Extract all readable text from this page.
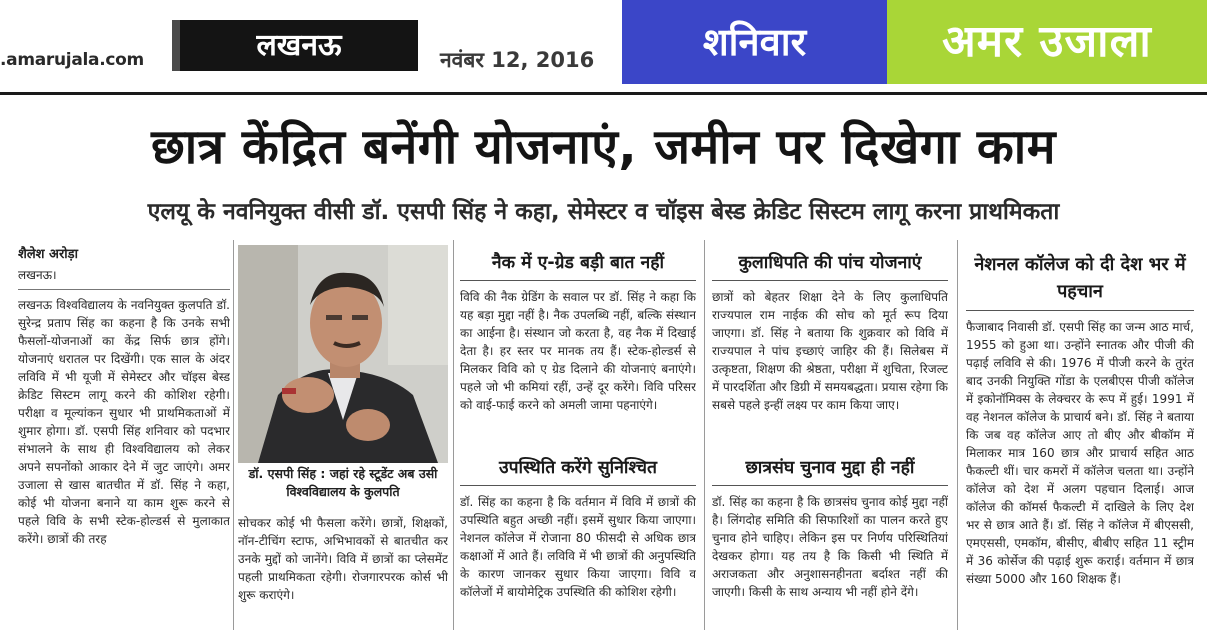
.amarujala.com	लखनऊ	नवंबर 12, 2016	शनिवार	अमर उजाला
छात्र केंद्रित बनेंगी योजनाएं, जमीन पर दिखेगा काम
एलयू के नवनियुक्त वीसी डॉ. एसपी सिंह ने कहा, सेमेस्टर व चॉइस बेस्ड क्रेडिट सिस्टम लागू करना प्राथमिकता
शैलेश अरोड़ा
लखनऊ।
लखनऊ विश्वविद्यालय के नवनियुक्त कुलपति डॉ. सुरेन्द्र प्रताप सिंह का कहना है कि उनके सभी फैसलों-योजनाओं का केंद्र सिर्फ छात्र होंगे। योजनाएं धरातल पर दिखेंगी। एक साल के अंदर लविवि में भी यूजी में सेमेस्टर और चॉइस बेस्ड क्रेडिट सिस्टम लागू करने की कोशिश रहेगी। परीक्षा व मूल्यांकन सुधार भी प्राथमिकताओं में शुमार होगा। डॉ. एसपी सिंह शनिवार को पदभार संभालने के साथ ही विश्वविद्यालय को लेकर अपने सपनोंको आकार देने में जुट जाएंगे। अमर उजाला से खास बातचीत में डॉ. सिंह ने कहा, कोई भी योजना बनाने या काम शुरू करने से पहले विवि के सभी स्टेक-होल्डर्स से मुलाकात करेंगे। छात्रों की तरह
डॉ. एसपी सिंह : जहां रहे स्टूडेंट अब उसी विश्वविद्यालय के कुलपति
सोचकर कोई भी फैसला करेंगे। छात्रों, शिक्षकों, नॉन-टीचिंग स्टाफ, अभिभावकों से बातचीत कर उनके मुद्दों को जानेंगे। विवि में छात्रों का प्लेसमेंट पहली प्राथमिकता रहेगी। रोजगारपरक कोर्स भी शुरू कराएंगे।
नैक में ए-ग्रेड बड़ी बात नहीं
विवि की नैक ग्रेडिंग के सवाल पर डॉ. सिंह ने कहा कि यह बड़ा मुद्दा नहीं है। नैक उपलब्धि नहीं, बल्कि संस्थान का आईना है। संस्थान जो करता है, वह नैक में दिखाई देता है। हर स्तर पर मानक तय हैं। स्टेक-होल्डर्स से मिलकर विवि को ए ग्रेड दिलाने की योजनाएं बनाएंगे। पहले जो भी कमियां रहीं, उन्हें दूर करेंगे। विवि परिसर को वाई-फाई करने को अमली जामा पहनाएंगे।
उपस्थिति करेंगे सुनिश्चित
डॉ. सिंह का कहना है कि वर्तमान में विवि में छात्रों की उपस्थिति बहुत अच्छी नहीं। इसमें सुधार किया जाएगा। नेशनल कॉलेज में रोजाना 80 फीसदी से अधिक छात्र कक्षाओं में आते हैं। लविवि में भी छात्रों की अनुपस्थिति के कारण जानकर सुधार किया जाएगा। विवि व कॉलेजों में बायोमेट्रिक उपस्थिति की कोशिश रहेगी।
कुलाधिपति की पांच योजनाएं
छात्रों को बेहतर शिक्षा देने के लिए कुलाधिपति राज्यपाल राम नाईक की सोच को मूर्त रूप दिया जाएगा। डॉ. सिंह ने बताया कि शुक्रवार को विवि में राज्यपाल ने पांच इच्छाएं जाहिर की हैं। सिलेबस में उत्कृष्टता, शिक्षण की श्रेष्ठता, परीक्षा में शुचिता, रिजल्ट में पारदर्शिता और डिग्री में समयबद्धता। प्रयास रहेगा कि सबसे पहले इन्हीं लक्ष्य पर काम किया जाए।
छात्रसंघ चुनाव मुद्दा ही नहीं
डॉ. सिंह का कहना है कि छात्रसंघ चुनाव कोई मुद्दा नहीं है। लिंगदोह समिति की सिफारिशों का पालन करते हुए चुनाव होने चाहिए। लेकिन इस पर निर्णय परिस्थितियां देखकर होगा। यह तय है कि किसी भी स्थिति में अराजकता और अनुशासनहीनता बर्दाश्त नहीं की जाएगी। किसी के साथ अन्याय भी नहीं होने देंगे।
नेशनल कॉलेज को दी देश भर में पहचान
फैजाबाद निवासी डॉ. एसपी सिंह का जन्म आठ मार्च, 1955 को हुआ था। उन्होंने स्नातक और पीजी की पढ़ाई लविवि से की। 1976 में पीजी करने के तुरंत बाद उनकी नियुक्ति गोंडा के एलबीएस पीजी कॉलेज में इकोनॉमिक्स के लेक्चरर के रूप में हुई। 1991 में वह नेशनल कॉलेज के प्राचार्य बने। डॉ. सिंह ने बताया कि जब वह कॉलेज आए तो बीए और बीकॉम में मिलाकर मात्र 160 छात्र और प्राचार्य सहित आठ फैकल्टी थीं। चार कमरों में कॉलेज चलता था। उन्होंने कॉलेज को देश में अलग पहचान दिलाई। आज कॉलेज की कॉमर्स फैकल्टी में दाखिले के लिए देश भर से छात्र आते हैं। डॉ. सिंह ने कॉलेज में बीएससी, एमएससी, एमकॉम, बीसीए, बीबीए सहित 11 स्ट्रीम में 36 कोर्सेज की पढ़ाई शुरू कराई। वर्तमान में छात्र संख्या 5000 और 160 शिक्षक हैं।
